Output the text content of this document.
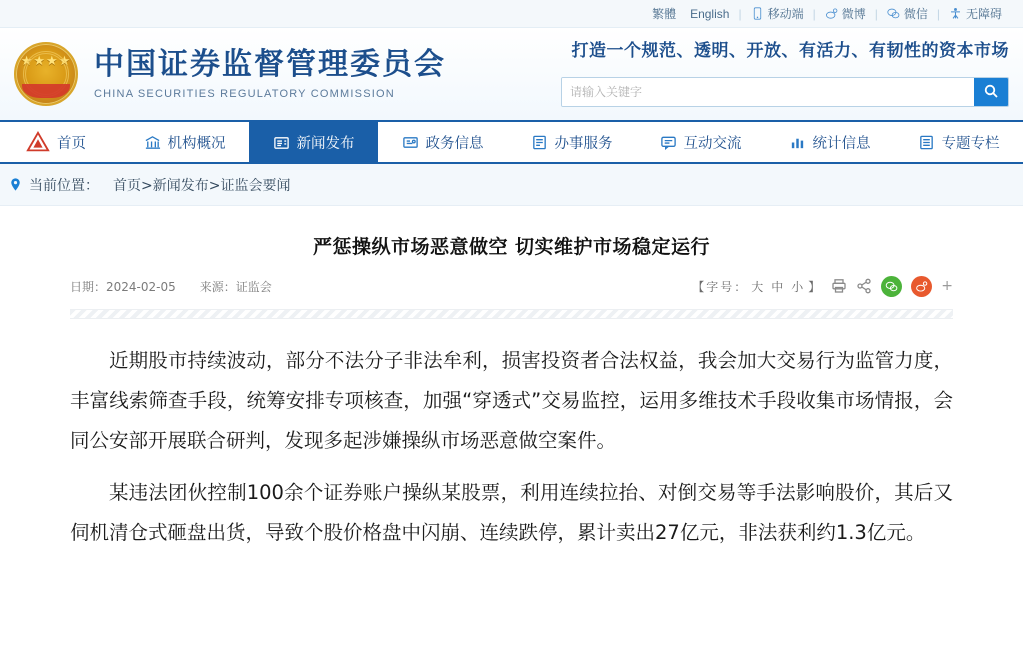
繁體 English | 移动端 | 微博 | 微信 | 无障碍
★★★★ 中国证券监督管理委员会
CHINA SECURITIES REGULATORY COMMISSION
打造一个规范、透明、开放、有活力、有韧性的资本市场
请输入关键字
首页	机构概况	新闻发布	政务信息	办事服务	互动交流	统计信息	专题专栏
当前位置： 首页>新闻发布>证监会要闻
严惩操纵市场恶意做空 切实维护市场稳定运行
日期：2024-02-05 来源：证监会	【字号： 大 中 小 】	+

近期股市持续波动，部分不法分子非法牟利，损害投资者合法权益，我会加大交易行为监管力度，丰富线索筛查手段，统筹安排专项核查，加强“穿透式”交易监控，运用多维技术手段收集市场情报，会同公安部开展联合研判，发现多起涉嫌操纵市场恶意做空案件。

某违法团伙控制100余个证券账户操纵某股票，利用连续拉抬、对倒交易等手法影响股价，其后又伺机清仓式砸盘出货，导致个股价格盘中闪崩、连续跌停，累计卖出27亿元，非法获利约1.3亿元。
